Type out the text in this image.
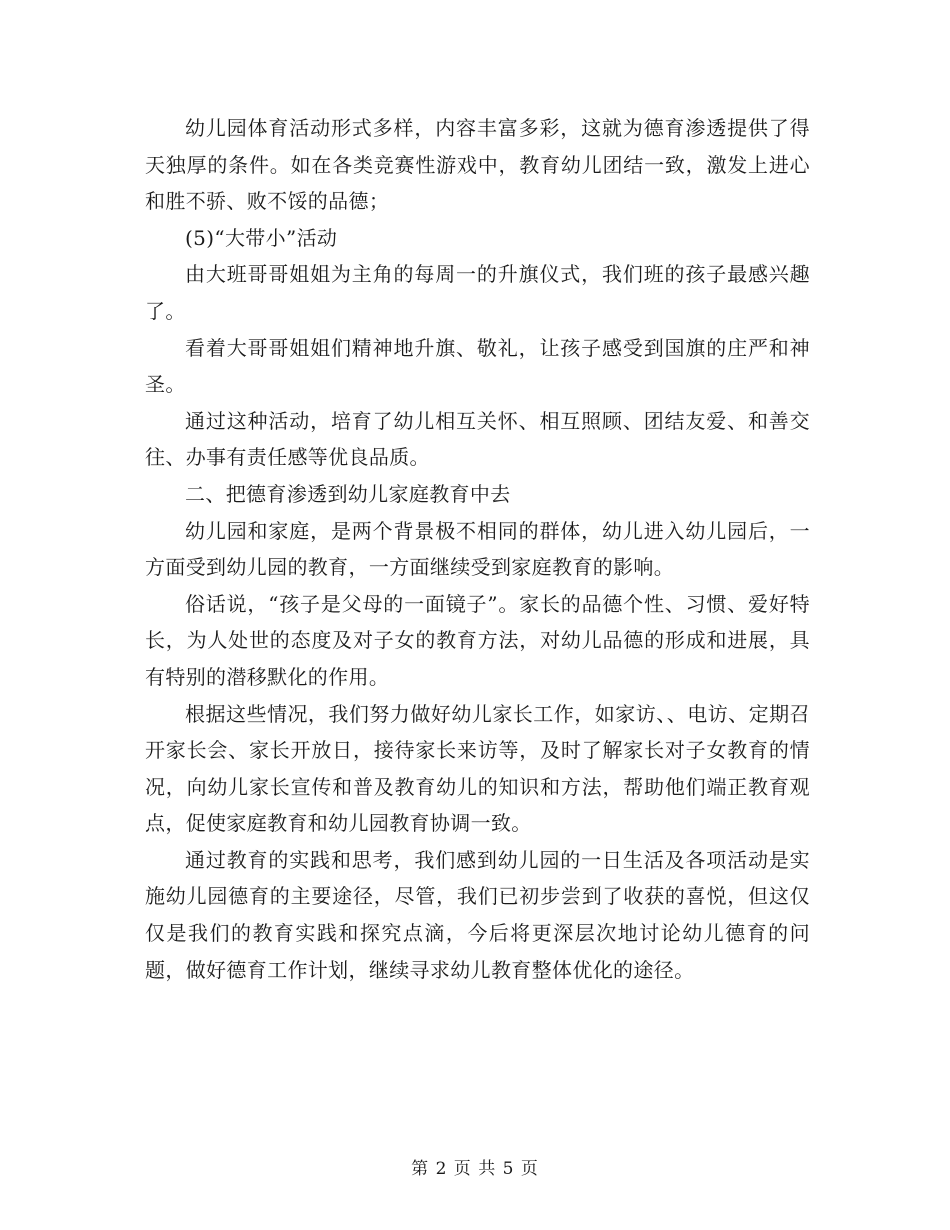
幼儿园体育活动形式多样，内容丰富多彩，这就为德育渗透提供了得天独厚的条件。如在各类竞赛性游戏中，教育幼儿团结一致，激发上进心和胜不骄、败不馁的品德；

(5)“大带小”活动

由大班哥哥姐姐为主角的每周一的升旗仪式，我们班的孩子最感兴趣了。

看着大哥哥姐姐们精神地升旗、敬礼，让孩子感受到国旗的庄严和神圣。

通过这种活动，培育了幼儿相互关怀、相互照顾、团结友爱、和善交往、办事有责任感等优良品质。

二、把德育渗透到幼儿家庭教育中去

幼儿园和家庭，是两个背景极不相同的群体，幼儿进入幼儿园后，一方面受到幼儿园的教育，一方面继续受到家庭教育的影响。

俗话说，“孩子是父母的一面镜子”。家长的品德个性、习惯、爱好特长，为人处世的态度及对子女的教育方法，对幼儿品德的形成和进展，具有特别的潜移默化的作用。

根据这些情况，我们努力做好幼儿家长工作，如家访、、电访、定期召开家长会、家长开放日，接待家长来访等，及时了解家长对子女教育的情况，向幼儿家长宣传和普及教育幼儿的知识和方法，帮助他们端正教育观点，促使家庭教育和幼儿园教育协调一致。

通过教育的实践和思考，我们感到幼儿园的一日生活及各项活动是实施幼儿园德育的主要途径，尽管，我们已初步尝到了收获的喜悦，但这仅仅是我们的教育实践和探究点滴，今后将更深层次地讨论幼儿德育的问题，做好德育工作计划，继续寻求幼儿教育整体优化的途径。

第 2 页 共 5 页
